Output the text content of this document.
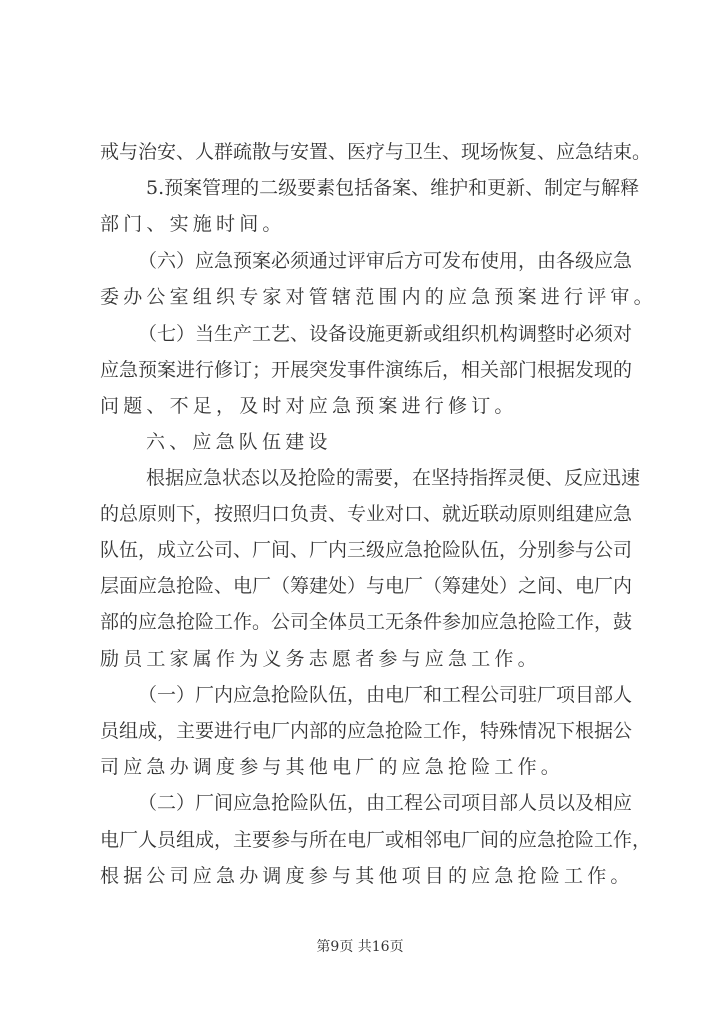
戒与治安、人群疏散与安置、医疗与卫生、现场恢复、应急结束。
5.预案管理的二级要素包括备案、维护和更新、制定与解释
部门、实施时间。
（六）应急预案必须通过评审后方可发布使用，由各级应急
委办公室组织专家对管辖范围内的应急预案进行评审。
（七）当生产工艺、设备设施更新或组织机构调整时必须对
应急预案进行修订；开展突发事件演练后，相关部门根据发现的
问题、不足，及时对应急预案进行修订。
六、应急队伍建设
根据应急状态以及抢险的需要，在坚持指挥灵便、反应迅速
的总原则下，按照归口负责、专业对口、就近联动原则组建应急
队伍，成立公司、厂间、厂内三级应急抢险队伍，分别参与公司
层面应急抢险、电厂（筹建处）与电厂（筹建处）之间、电厂内
部的应急抢险工作。公司全体员工无条件参加应急抢险工作，鼓
励员工家属作为义务志愿者参与应急工作。
（一）厂内应急抢险队伍，由电厂和工程公司驻厂项目部人
员组成，主要进行电厂内部的应急抢险工作，特殊情况下根据公
司应急办调度参与其他电厂的应急抢险工作。
（二）厂间应急抢险队伍，由工程公司项目部人员以及相应
电厂人员组成，主要参与所在电厂或相邻电厂间的应急抢险工作，
根据公司应急办调度参与其他项目的应急抢险工作。
第9页 共16页
